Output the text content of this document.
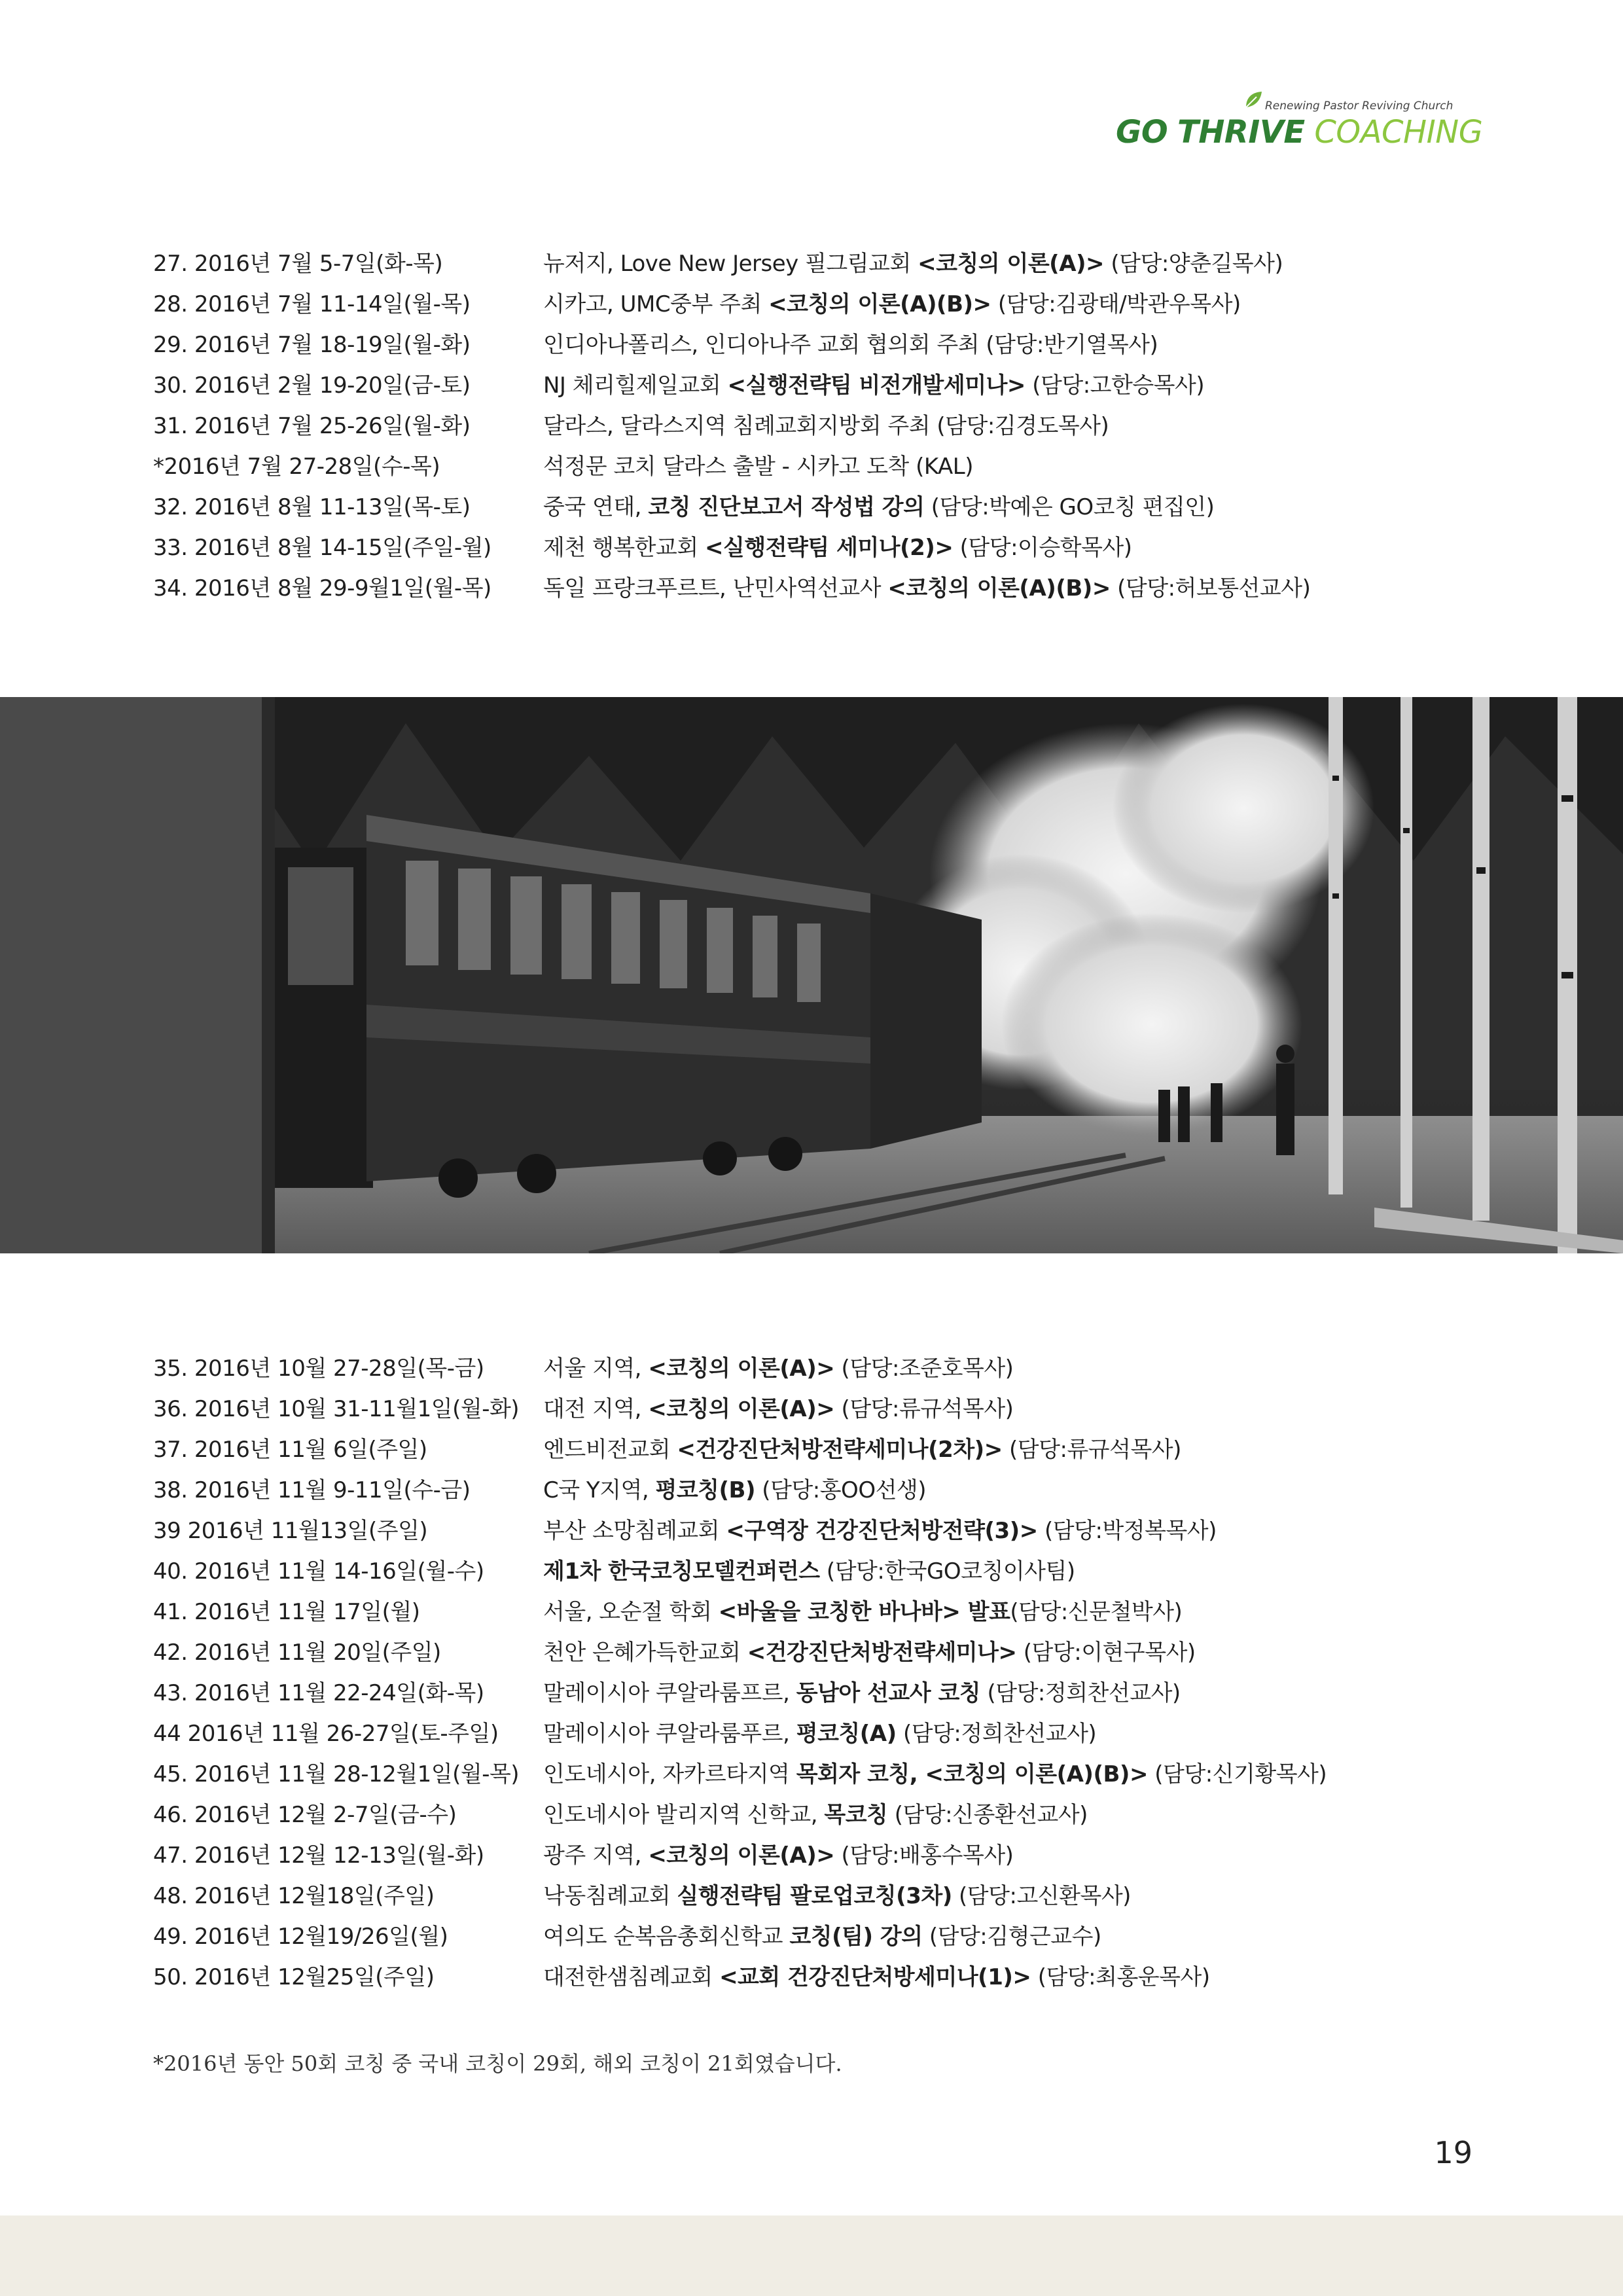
Renewing Pastor Reviving Church
GO THRIVE COACHING
27. 2016년 7월 5-7일(화-목)	뉴저지, Love New Jersey 필그림교회 <코칭의 이론(A)> (담당:양춘길목사)
28. 2016년 7월 11-14일(월-목)	시카고, UMC중부 주최 <코칭의 이론(A)(B)> (담당:김광태/박관우목사)
29. 2016년 7월 18-19일(월-화)	인디아나폴리스, 인디아나주 교회 협의회 주최 (담당:반기열목사)
30. 2016년 2월 19-20일(금-토)	NJ 체리힐제일교회 <실행전략팀 비전개발세미나> (담당:고한승목사)
31. 2016년 7월 25-26일(월-화)	달라스, 달라스지역 침례교회지방회 주최 (담당:김경도목사)
*2016년 7월 27-28일(수-목)	석정문 코치 달라스 출발 - 시카고 도착 (KAL)
32. 2016년 8월 11-13일(목-토)	중국 연태, 코칭 진단보고서 작성법 강의 (담당:박예은 GO코칭 편집인)
33. 2016년 8월 14-15일(주일-월) 제천 행복한교회 <실행전략팀 세미나(2)> (담당:이승학목사)
34. 2016년 8월 29-9월1일(월-목) 독일 프랑크푸르트, 난민사역선교사 <코칭의 이론(A)(B)> (담당:허보통선교사)
35. 2016년 10월 27-28일(목-금)	서울 지역, <코칭의 이론(A)> (담당:조준호목사)
36. 2016년 10월 31-11월1일(월-화) 대전 지역, <코칭의 이론(A)> (담당:류규석목사)
37. 2016년 11월 6일(주일)	엔드비전교회 <건강진단처방전략세미나(2차)> (담당:류규석목사)
38. 2016년 11월 9-11일(수-금)	C국 Y지역, 평코칭(B) (담당:홍OO선생)
39 2016년 11월13일(주일)	부산 소망침례교회 <구역장 건강진단처방전략(3)> (담당:박정복목사)
40. 2016년 11월 14-16일(월-수)	제1차 한국코칭모델컨퍼런스 (담당:한국GO코칭이사팀)
41. 2016년 11월 17일(월)	서울, 오순절 학회 <바울을 코칭한 바나바> 발표(담당:신문철박사)
42. 2016년 11월 20일(주일)	천안 은혜가득한교회 <건강진단처방전략세미나> (담당:이현구목사)
43. 2016년 11월 22-24일(화-목)	말레이시아 쿠알라룸프르, 동남아 선교사 코칭 (담당:정희찬선교사)
44 2016년 11월 26-27일(토-주일) 말레이시아 쿠알라룸푸르, 평코칭(A) (담당:정희찬선교사)
45. 2016년 11월 28-12월1일(월-목) 인도네시아, 자카르타지역 목회자 코칭, <코칭의 이론(A)(B)> (담당:신기황목사)
46. 2016년 12월 2-7일(금-수)	인도네시아 발리지역 신학교, 목코칭 (담당:신종환선교사)
47. 2016년 12월 12-13일(월-화)	광주 지역, <코칭의 이론(A)> (담당:배홍수목사)
48. 2016년 12월18일(주일)	낙동침례교회 실행전략팀 팔로업코칭(3차) (담당:고신환목사)
49. 2016년 12월19/26일(월)	여의도 순복음총회신학교 코칭(팀) 강의 (담당:김형근교수)
50. 2016년 12월25일(주일)	대전한샘침례교회 <교회 건강진단처방세미나(1)> (담당:최홍운목사)
*2016년 동안 50회 코칭 중 국내 코칭이 29회, 해외 코칭이 21회였습니다.
19
